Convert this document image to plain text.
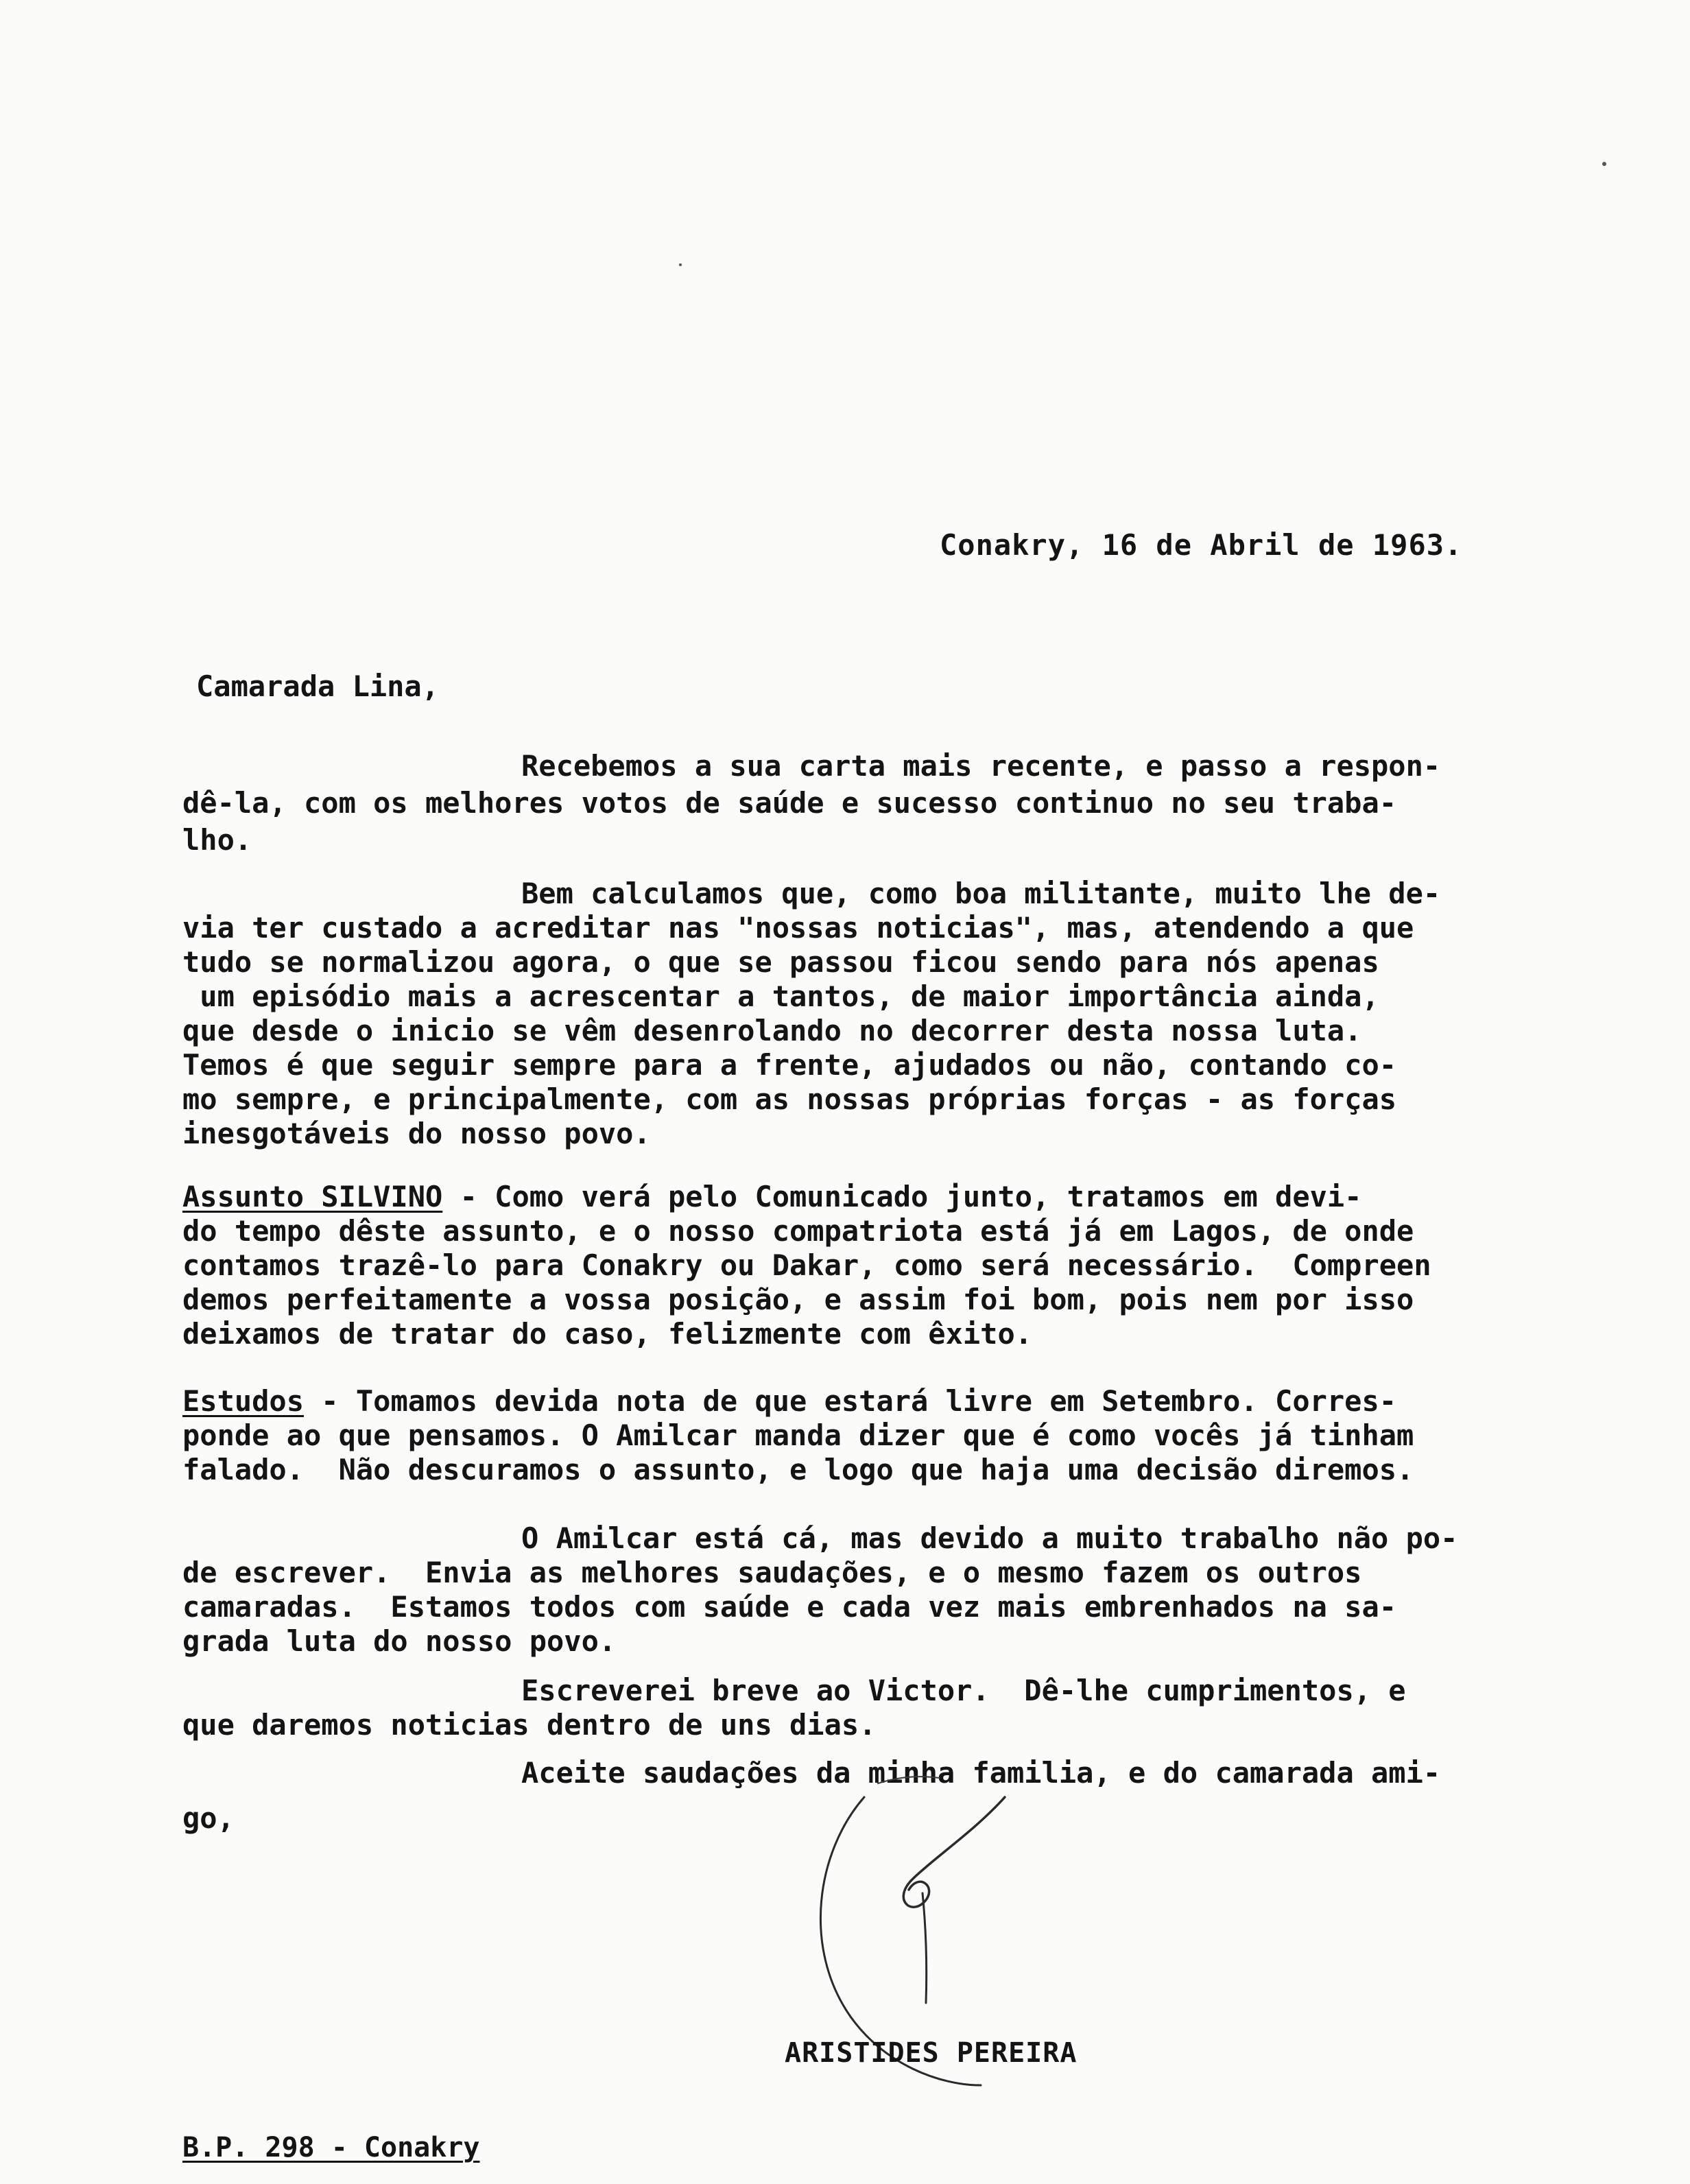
Conakry, 16 de Abril de 1963.
Camarada Lina,
Recebemos a sua carta mais recente, e passo a respon-
dê-la, com os melhores votos de saúde e sucesso continuo no seu traba-
lho.
Bem calculamos que, como boa militante, muito lhe de-
via ter custado a acreditar nas "nossas noticias", mas, atendendo a que
tudo se normalizou agora, o que se passou ficou sendo para nós apenas
um episódio mais a acrescentar a tantos, de maior importância ainda,
que desde o inicio se vêm desenrolando no decorrer desta nossa luta.
Temos é que seguir sempre para a frente, ajudados ou não, contando co-
mo sempre, e principalmente, com as nossas próprias forças - as forças
inesgotáveis do nosso povo.
Assunto SILVINO - Como verá pelo Comunicado junto, tratamos em devi-
do tempo dêste assunto, e o nosso compatriota está já em Lagos, de onde
contamos trazê-lo para Conakry ou Dakar, como será necessário.  Compreen
demos perfeitamente a vossa posição, e assim foi bom, pois nem por isso
deixamos de tratar do caso, felizmente com êxito.
Estudos - Tomamos devida nota de que estará livre em Setembro. Corres-
ponde ao que pensamos. O Amilcar manda dizer que é como vocês já tinham
falado.  Não descuramos o assunto, e logo que haja uma decisão diremos.
O Amilcar está cá, mas devido a muito trabalho não po-
de escrever.  Envia as melhores saudações, e o mesmo fazem os outros
camaradas.  Estamos todos com saúde e cada vez mais embrenhados na sa-
grada luta do nosso povo.
Escreverei breve ao Victor.  Dê-lhe cumprimentos, e
que daremos noticias dentro de uns dias.
Aceite saudações da minha familia, e do camarada ami-
go,
ARISTIDES PEREIRA
B.P. 298 - Conakry
